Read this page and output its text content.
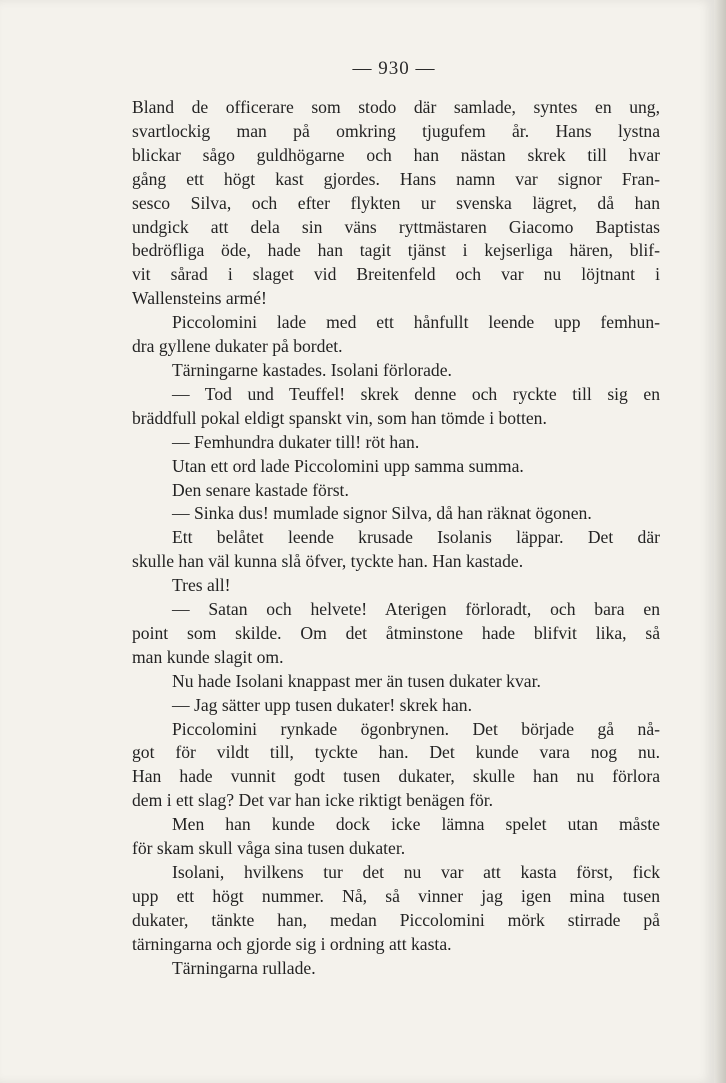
— 930 —
Bland de officerare som stodo där samlade, syntes en ung,
svartlockig man på omkring tjugufem år. Hans lystna
blickar sågo guldhögarne och han nästan skrek till hvar
gång ett högt kast gjordes. Hans namn var signor Fran-
sesco Silva, och efter flykten ur svenska lägret, då han
undgick att dela sin väns ryttmästaren Giacomo Baptistas
bedröfliga öde, hade han tagit tjänst i kejserliga hären, blif-
vit sårad i slaget vid Breitenfeld och var nu löjtnant i
Wallensteins armé!
Piccolomini lade med ett hånfullt leende upp femhun-
dra gyllene dukater på bordet.
Tärningarne kastades. Isolani förlorade.
— Tod und Teuffel! skrek denne och ryckte till sig en
bräddfull pokal eldigt spanskt vin, som han tömde i botten.
— Femhundra dukater till! röt han.
Utan ett ord lade Piccolomini upp samma summa.
Den senare kastade först.
— Sinka dus! mumlade signor Silva, då han räknat ögonen.
Ett belåtet leende krusade Isolanis läppar. Det där
skulle han väl kunna slå öfver, tyckte han. Han kastade.
Tres all!
— Satan och helvete! Aterigen förloradt, och bara en
point som skilde. Om det åtminstone hade blifvit lika, så
man kunde slagit om.
Nu hade Isolani knappast mer än tusen dukater kvar.
— Jag sätter upp tusen dukater! skrek han.
Piccolomini rynkade ögonbrynen. Det började gå nå-
got för vildt till, tyckte han. Det kunde vara nog nu.
Han hade vunnit godt tusen dukater, skulle han nu förlora
dem i ett slag? Det var han icke riktigt benägen för.
Men han kunde dock icke lämna spelet utan måste
för skam skull våga sina tusen dukater.
Isolani, hvilkens tur det nu var att kasta först, fick
upp ett högt nummer. Nå, så vinner jag igen mina tusen
dukater, tänkte han, medan Piccolomini mörk stirrade på
tärningarna och gjorde sig i ordning att kasta.
Tärningarna rullade.
